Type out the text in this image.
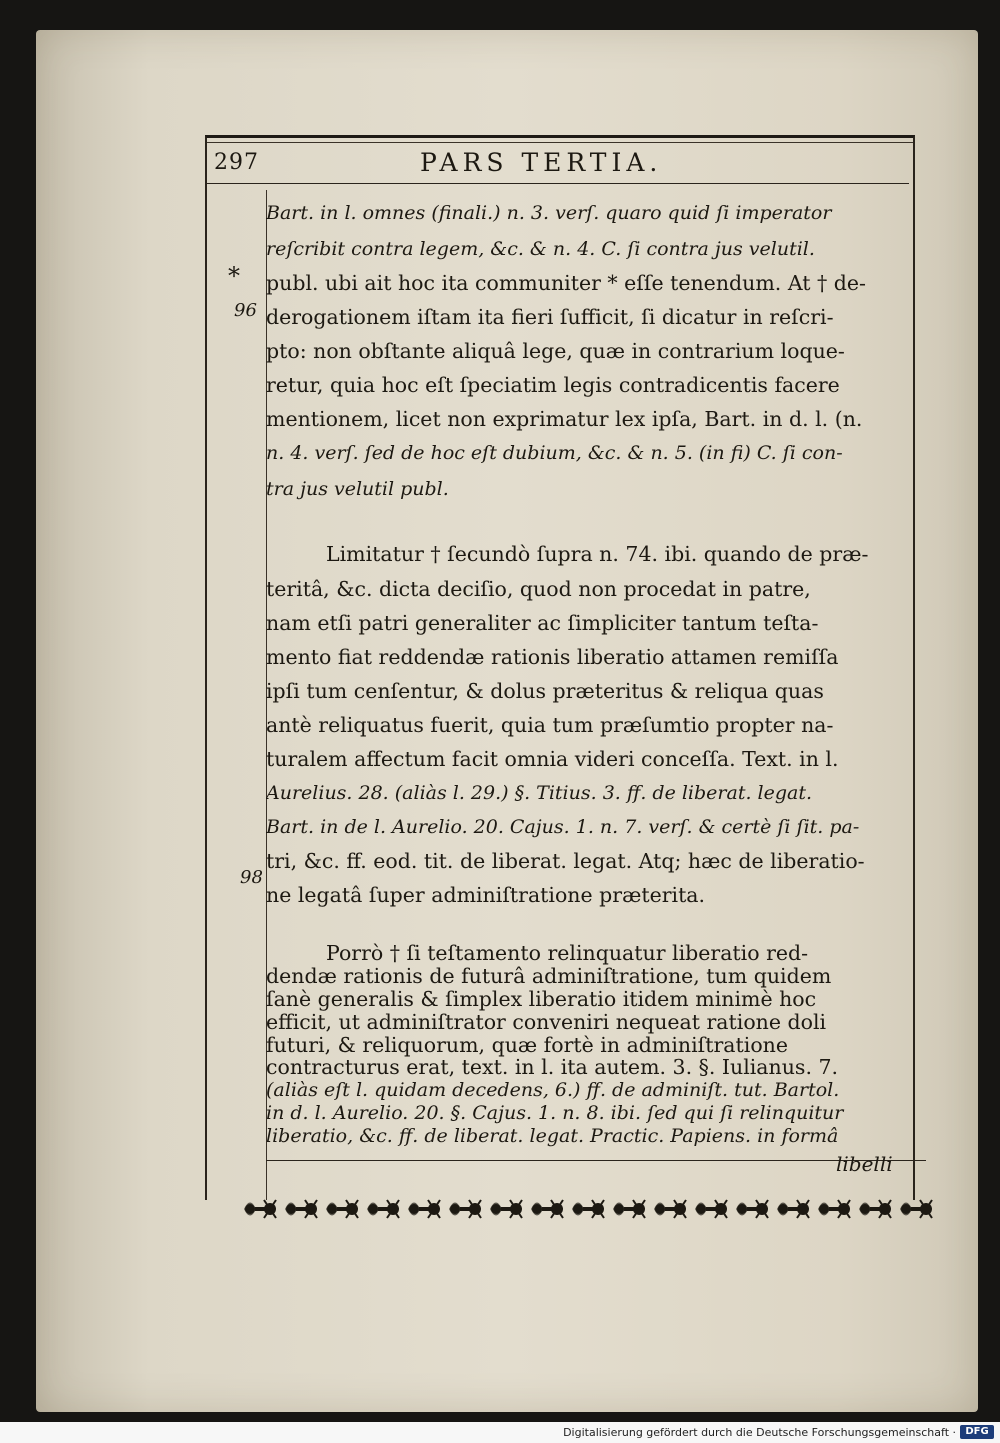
297	PARS TERTIA.
*
96
98
Bart. in l. omnes (finali.) n. 3. verſ. quaro quid ſi imperator
reſcribit contra legem, &c. & n. 4. C. ſi contra jus velutil.
publ. ubi ait hoc ita communiter * eſſe tenendum. At † de-
derogationem iſtam ita fieri ſufficit, ſi dicatur in reſcri-
pto: non obſtante aliquâ lege, quæ in contrarium loque-
retur, quia hoc eſt ſpeciatim legis contradicentis facere
mentionem, licet non exprimatur lex ipſa, Bart. in d. l. (n.
n. 4. verſ. ſed de hoc eſt dubium, &c. & n. 5. (in fi) C. ſi con-
tra jus velutil publ.
Limitatur † ſecundò ſupra n. 74. ibi. quando de præ-
teritâ, &c. dicta deciſio, quod non procedat in patre,
nam etſi patri generaliter ac ſimpliciter tantum teſta-
mento fiat reddendæ rationis liberatio attamen remiſſa
ipſi tum cenſentur, & dolus præteritus & reliqua quas
antè reliquatus fuerit, quia tum præſumtio propter na-
turalem affectum facit omnia videri conceſſa. Text. in l.
Aurelius. 28. (aliàs l. 29.) §. Titius. 3. ff. de liberat. legat.
Bart. in de l. Aurelio. 20. Cajus. 1. n. 7. verſ. & certè ſi ſit. pa-
tri, &c. ff. eod. tit. de liberat. legat. Atq; hæc de liberatio-
ne legatâ ſuper adminiſtratione præterita.
Porrò † ſi teſtamento relinquatur liberatio red-
dendæ rationis de futurâ adminiſtratione, tum quidem
ſanè generalis & ſimplex liberatio itidem minimè hoc
efficit, ut adminiſtrator conveniri nequeat ratione doli
futuri, & reliquorum, quæ fortè in adminiſtratione
contracturus erat, text. in l. ita autem. 3. §. Iulianus. 7.
libelli
(aliàs eſt l. quidam decedens, 6.) ff. de adminiſt. tut. Bartol.
in d. l. Aurelio. 20. §. Cajus. 1. n. 8. ibi. ſed qui ſi relinquitur
liberatio, &c. ff. de liberat. legat. Practic. Papiens. in formâ
Digitalisierung gefördert durch die Deutsche Forschungsgemeinschaft · DFG
